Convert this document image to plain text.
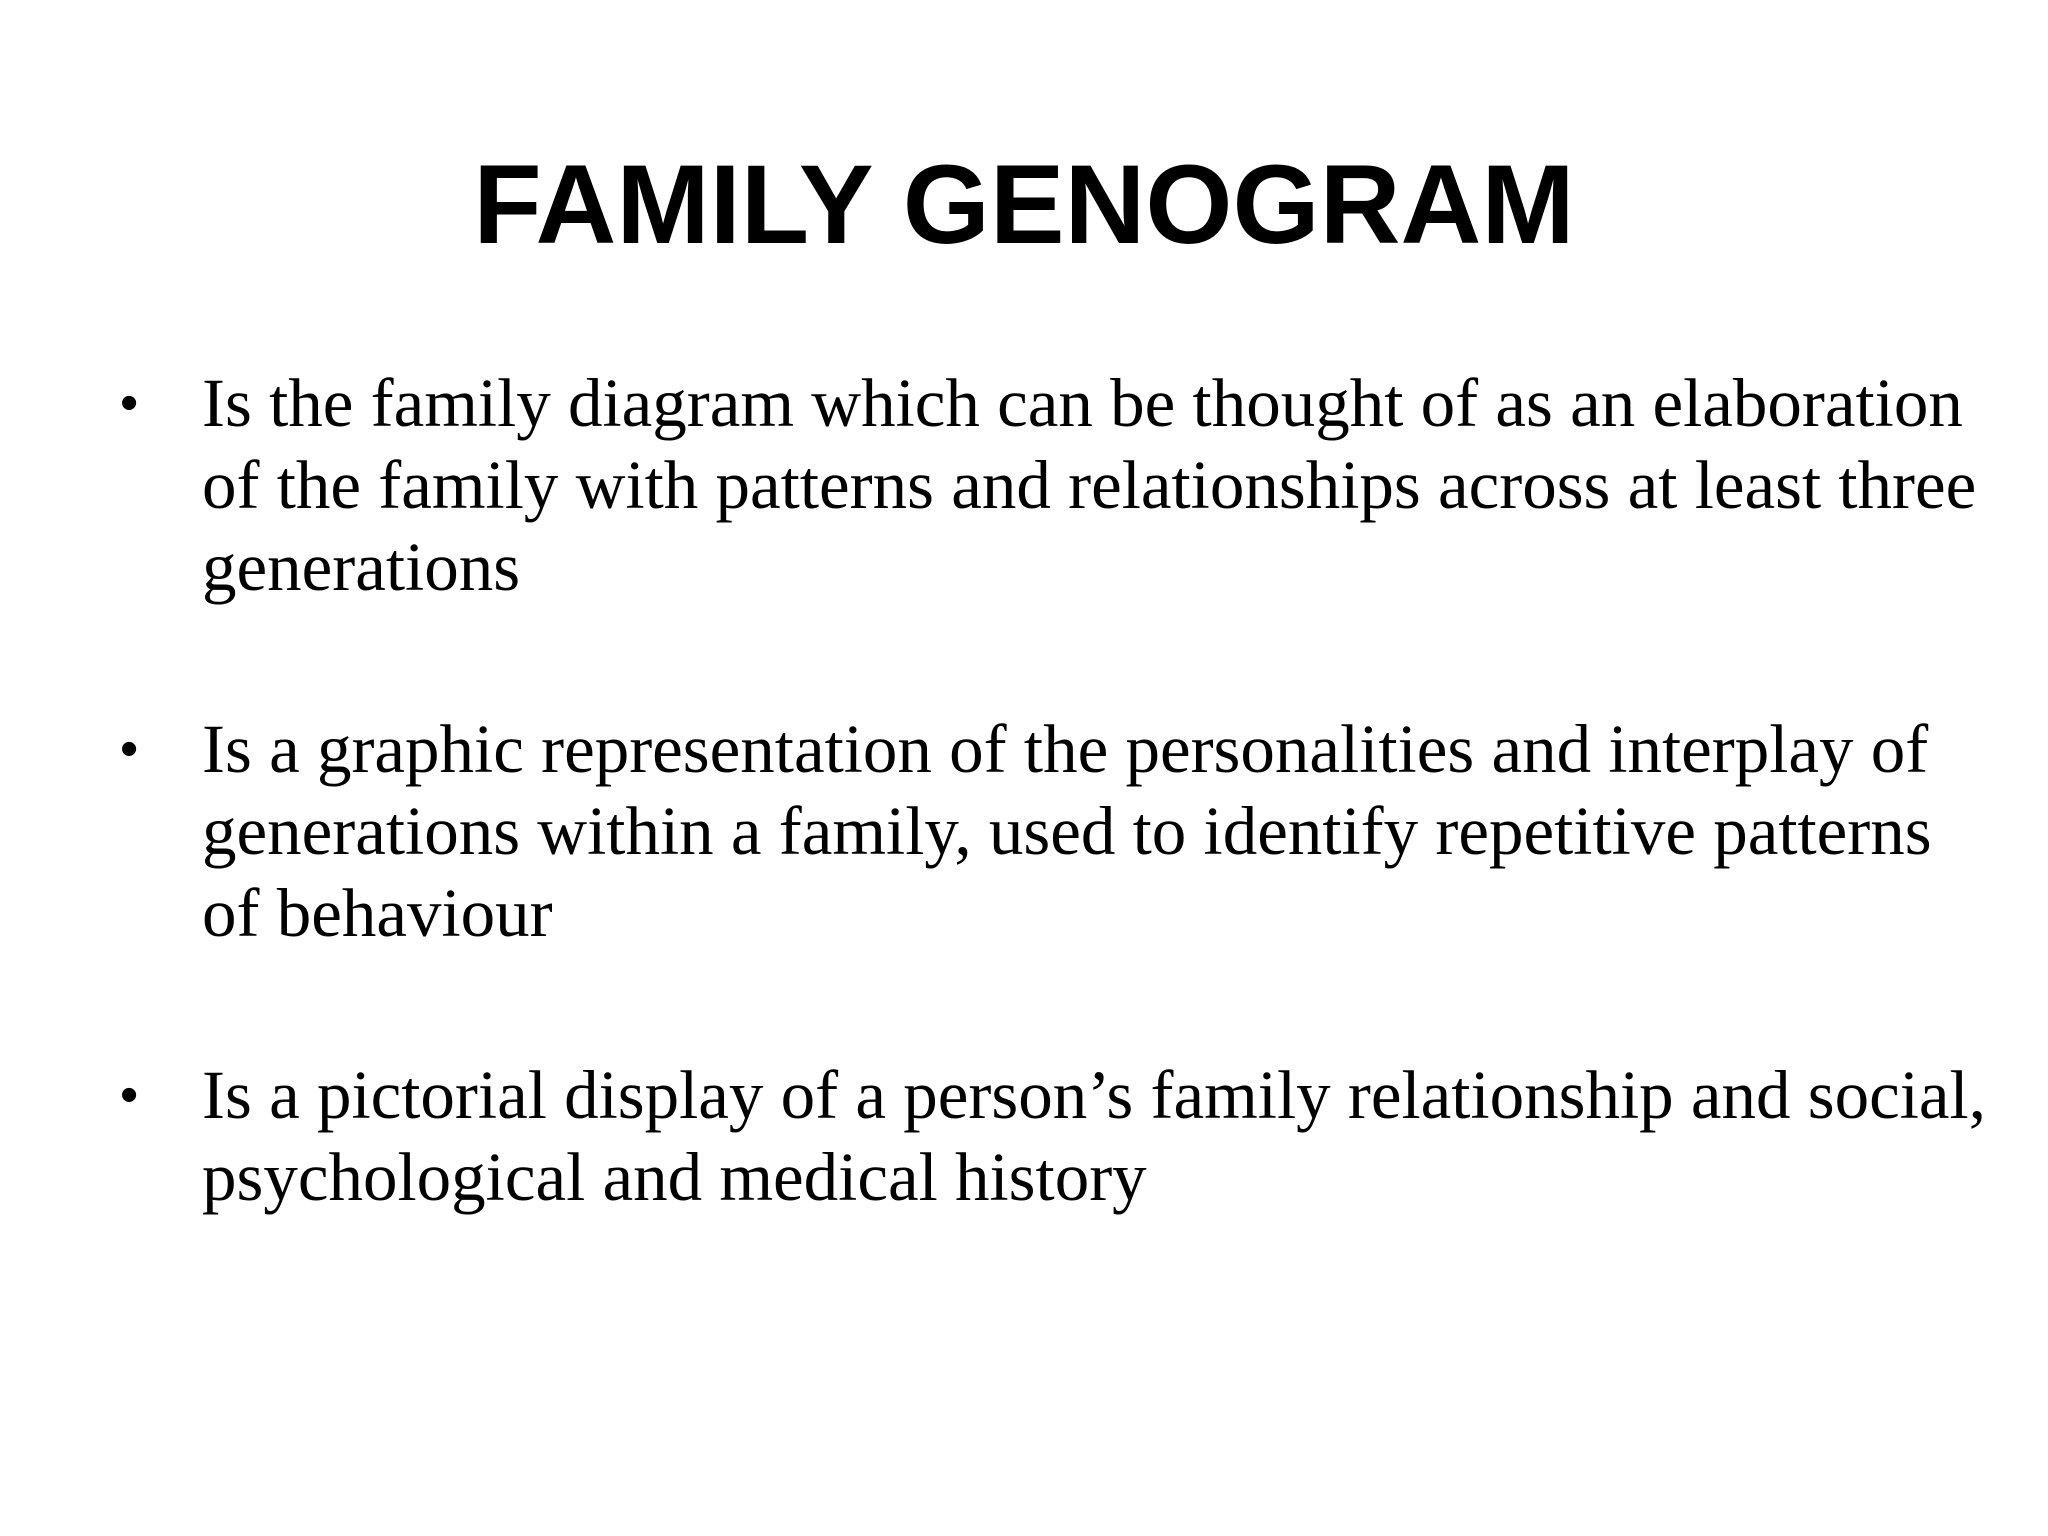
FAMILY GENOGRAM
• Is the family diagram which can be thought of as an elaboration of the family with patterns and relationships across at least three generations
• Is a graphic representation of the personalities and interplay of generations within a family, used to identify repetitive patterns of behaviour
• Is a pictorial display of a person’s family relationship and social, psychological and medical history
